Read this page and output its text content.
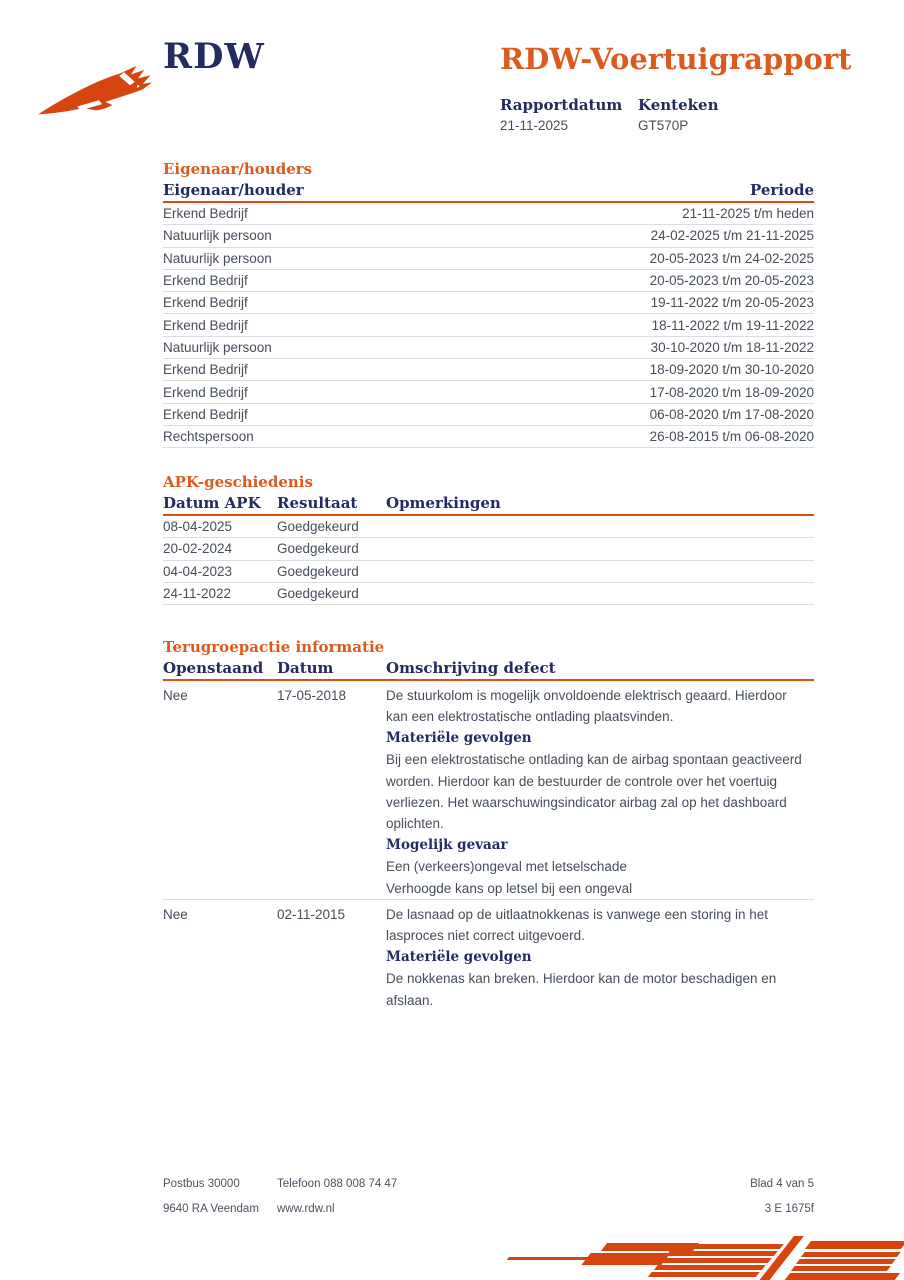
RDW	RDW-Voertuigrapport
Rapportdatum Kenteken
21-11-2025	GT570P
Eigenaar/houders
Eigenaar/houder	Periode
Erkend Bedrijf	21-11-2025 t/m heden
Natuurlijk persoon	24-02-2025 t/m 21-11-2025
Natuurlijk persoon	20-05-2023 t/m 24-02-2025
Erkend Bedrijf	20-05-2023 t/m 20-05-2023
Erkend Bedrijf	19-11-2022 t/m 20-05-2023
Erkend Bedrijf	18-11-2022 t/m 19-11-2022
Natuurlijk persoon	30-10-2020 t/m 18-11-2022
Erkend Bedrijf	18-09-2020 t/m 30-10-2020
Erkend Bedrijf	17-08-2020 t/m 18-09-2020
Erkend Bedrijf	06-08-2020 t/m 17-08-2020
Rechtspersoon	26-08-2015 t/m 06-08-2020
APK-geschiedenis
Datum APK	Resultaat	Opmerkingen
08-04-2025	Goedgekeurd
20-02-2024	Goedgekeurd
04-04-2023	Goedgekeurd
24-11-2022	Goedgekeurd
Terugroepactie informatie
Openstaand Datum	Omschrijving defect
Nee	17-05-2018	De stuurkolom is mogelijk onvoldoende elektrisch geaard. Hierdoor kan een elektrostatische ontlading plaatsvinden.

Materiële gevolgen

Bij een elektrostatische ontlading kan de airbag spontaan geactiveerd worden. Hierdoor kan de bestuurder de controle over het voertuig verliezen. Het waarschuwingsindicator airbag zal op het dashboard oplichten.

Mogelijk gevaar

Een (verkeers)ongeval met letselschade

Verhoogde kans op letsel bij een ongeval

Nee	02-11-2015	De lasnaad op de uitlaatnokkenas is vanwege een storing in het lasproces niet correct uitgevoerd.

Materiële gevolgen

De nokkenas kan breken. Hierdoor kan de motor beschadigen en afslaan.

Postbus 30000	Telefoon 088 008 74 47	Blad 4 van 5
9640 RA Veendam	www.rdw.nl	3 E 1675f
